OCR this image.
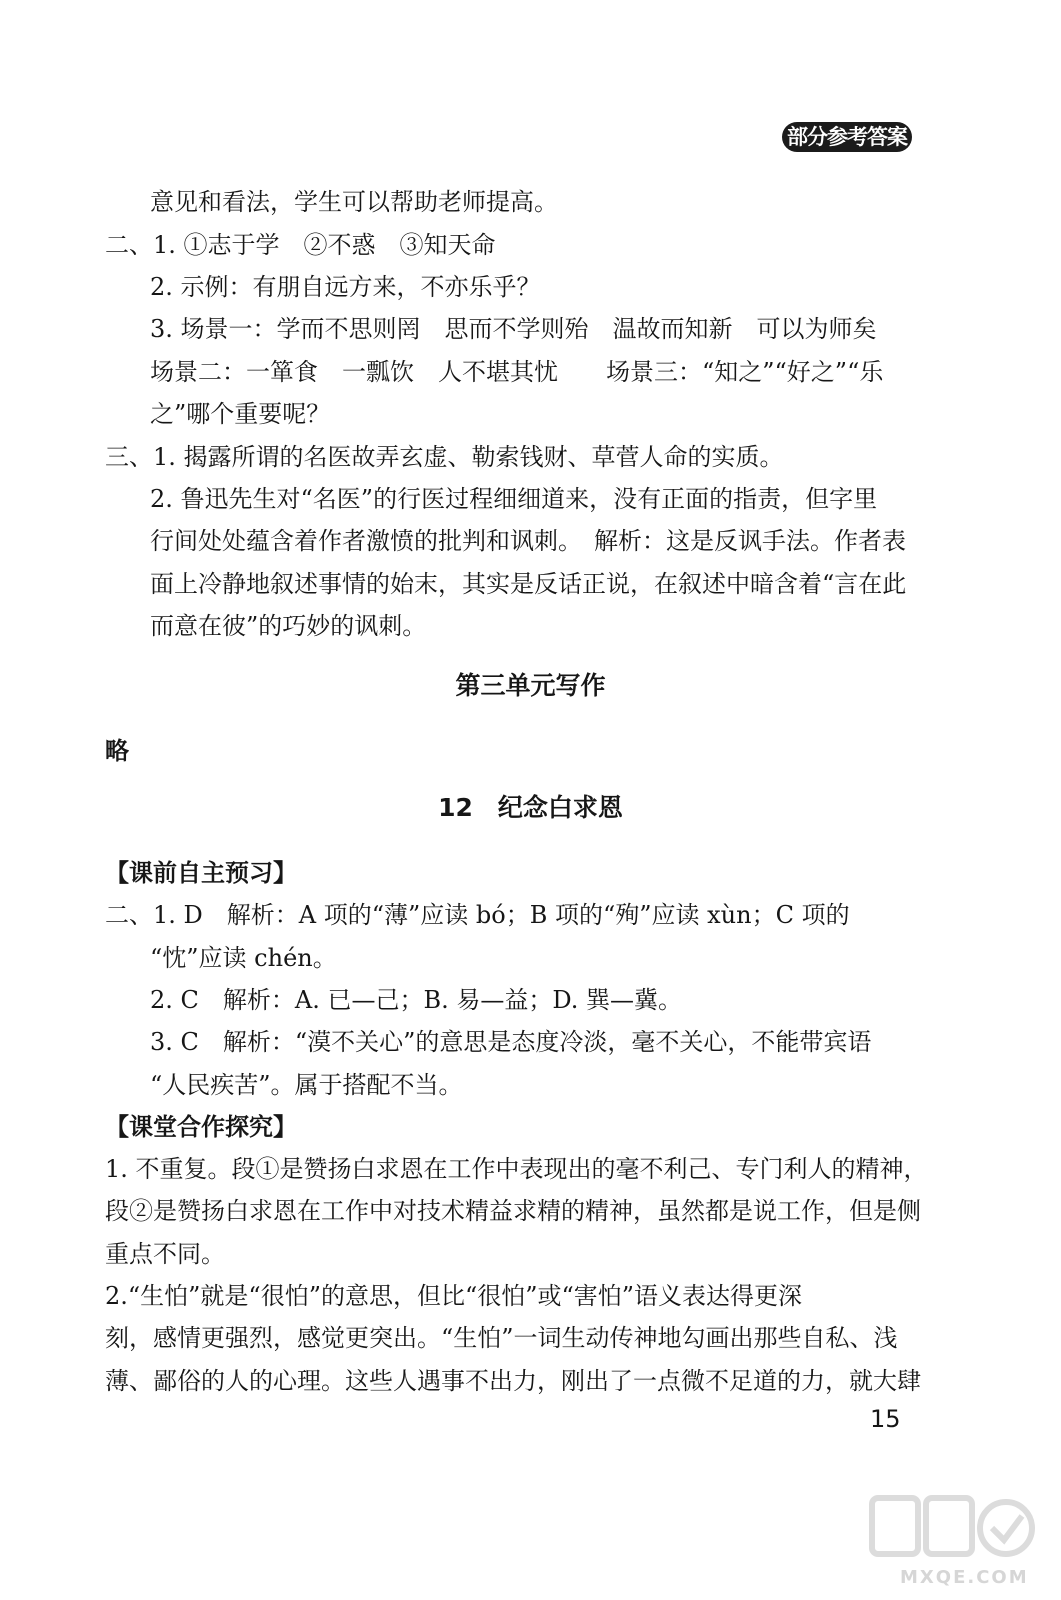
部分参考答案
意见和看法，学生可以帮助老师提高。
二、1. ①志于学　②不惑　③知天命
2. 示例：有朋自远方来，不亦乐乎？
3. 场景一：学而不思则罔　思而不学则殆　温故而知新　可以为师矣
场景二：一箪食　一瓢饮　人不堪其忧　　场景三：“知之”“好之”“乐
之”哪个重要呢？
三、1. 揭露所谓的名医故弄玄虚、勒索钱财、草菅人命的实质。
2. 鲁迅先生对“名医”的行医过程细细道来，没有正面的指责，但字里
行间处处蕴含着作者激愤的批判和讽刺。　解析：这是反讽手法。作者表
面上冷静地叙述事情的始末，其实是反话正说，在叙述中暗含着“言在此
而意在彼”的巧妙的讽刺。
第三单元写作
略
12　纪念白求恩
【课前自主预习】
二、1. D　解析：A 项的“薄”应读 bó；B 项的“殉”应读 xùn；C 项的
“忱”应读 chén。
2. C　解析：A. 已—己；B. 易—益；D. 巽—冀。
3. C　解析：“漠不关心”的意思是态度冷淡，毫不关心，不能带宾语
“人民疾苦”。属于搭配不当。
【课堂合作探究】
1. 不重复。段①是赞扬白求恩在工作中表现出的毫不利己、专门利人的精神，
段②是赞扬白求恩在工作中对技术精益求精的精神，虽然都是说工作，但是侧
重点不同。
2.“生怕”就是“很怕”的意思，但比“很怕”或“害怕”语义表达得更深
刻，感情更强烈，感觉更突出。“生怕”一词生动传神地勾画出那些自私、浅
薄、鄙俗的人的心理。这些人遇事不出力，刚出了一点微不足道的力，就大肆
15
MXQE.COM
